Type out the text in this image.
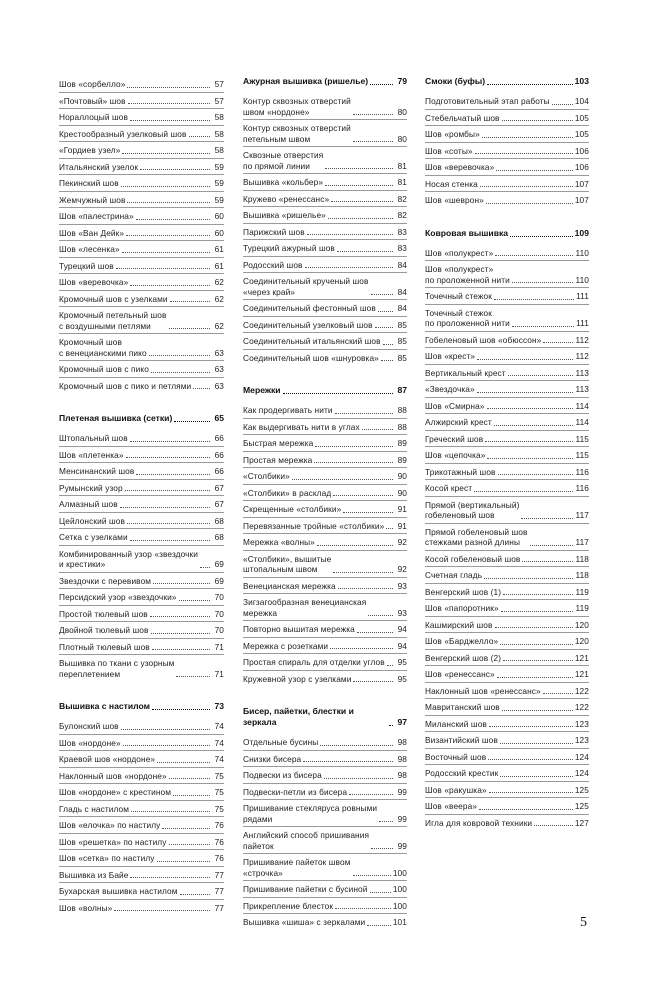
Шов «сорбелло»	57
«Почтовый» шов	57
Нораллоцый шов	58
Крестообразный узелковый шов	58
«Гордиев узел»	58
Итальянский узелок	59
Пекинский шов	59
Жемчужный шов	59
Шов «палестрина»	60
Шов «Ван Дейк»	60
Шов «лесенка»	61
Турецкий шов	61
Шов «веревочка»	62
Кромочный шов с узелками	62
Кромочный петельный шов
с воздушными петлями	62
Кромочный шов
с венецианскими пико	63
Кромочный шов с пико	63
Кромочный шов с пико и петлями	63
Плетеная вышивка (сетки)	65
Штопальный шов	66
Шов «плетенка»	66
Менсинанский шов	66
Румынский узор	67
Алмазный шов	67
Цейлонский шов	68
Сетка с узелками	68
Комбинированный узор «звездочки
и крестики»	69
Звездочки с перевивом	69
Персидский узор «звездочки»	70
Простой тюлевый шов	70
Двойной тюлевый шов	70
Плотный тюлевый шов	71
Вышивка по ткани с узорным
переплетением	71
Вышивка с настилом	73
Булонский шов	74
Шов «нордоне»	74
Краевой шов «нордоне»	74
Наклонный шов «нордоне»	75
Шов «нордоне» с крестином	75
Гладь с настилом	75
Шов «елочка» по настилу	76
Шов «решетка» по настилу	76
Шов «сетка» по настилу	76
Вышивка из Байе	77
Бухарская вышивка настилом	77
Шов «волны»	77
Ажурная вышивка (ришелье)	79
Контур сквозных отверстий
швом «нордоне»	80
Контур сквозных отверстий
петельным швом	80
Сквозные отверстия
по прямой линии	81
Вышивка «кольбер»	81
Кружево «ренессанс»	82
Вышивка «ришелье»	82
Парижский шов	83
Турецкий ажурный шов	83
Родосский шов	84
Соединительный крученый шов
«через край»	84
Соединительный фестонный шов	84
Соединительный узелковый шов	85
Соединительный итальянский шов	85
Соединительный шов «шнуровка»	85
Мережки	87
Как продергивать нити	88
Как выдергивать нити в углах	88
Быстрая мережка	89
Простая мережка	89
«Столбики»	90
«Столбики» в расклад	90
Скрещенные «столбики»	91
Перевязанные тройные «столбики»	91
Мережка «волны»	92
«Столбики», вышитые
штопальным швом	92
Венецианская мережка	93
Зигзагообразная венецианская
мережка	93
Повторно вышитая мережка	94
Мережка с розетками	94
Простая спираль для отделки углов	95
Кружевной узор с узелками	95
Бисер, пайетки, блестки и зеркала	97
Отдельные бусины	98
Снизки бисера	98
Подвески из бисера	98
Подвески-петли из бисера	99
Пришивание стекляруса ровными
рядами	99
Английский способ пришивания
пайеток	99
Пришивание пайеток швом
«строчка»	100
Пришивание пайетки с бусиной	100
Прикрепление блесток	100
Вышивка «шиша» с зеркалами	101
Смоки (буфы)	103
Подготовительный этап работы	104
Стебельчатый шов	105
Шов «ромбы»	105
Шов «соты»	106
Шов «веревочка»	106
Носая стенка	107
Шов «шеврон»	107
Ковровая вышивка	109
Шов «полукрест»	110
Шов «полукрест»
по проложенной нити	110
Точечный стежок	111
Точечный стежок
по проложенной нити	111
Гобеленовый шов «обюссон»	112
Шов «крест»	112
Вертикальный крест	113
«Звездочка»	113
Шов «Смирна»	114
Алжирский крест	114
Греческий шов	115
Шов «цепочка»	115
Трикотажный шов	116
Косой крест	116
Прямой (вертикальный)
гобеленовый шов	117
Прямой гобеленовый шов
стежками разной длины	117
Косой гобеленовый шов	118
Счетная гладь	118
Венгерский шов (1)	119
Шов «папоротник»	119
Кашмирский шов	120
Шов «Барджелло»	120
Венгерский шов (2)	121
Шов «ренессанс»	121
Наклонный шов «ренессанс»	122
Мавританский шов	122
Миланский шов	123
Византийский шов	123
Восточный шов	124
Родосский крестик	124
Шов «ракушка»	125
Шов «веера»	125
Игла для ковровой техники	127
5
